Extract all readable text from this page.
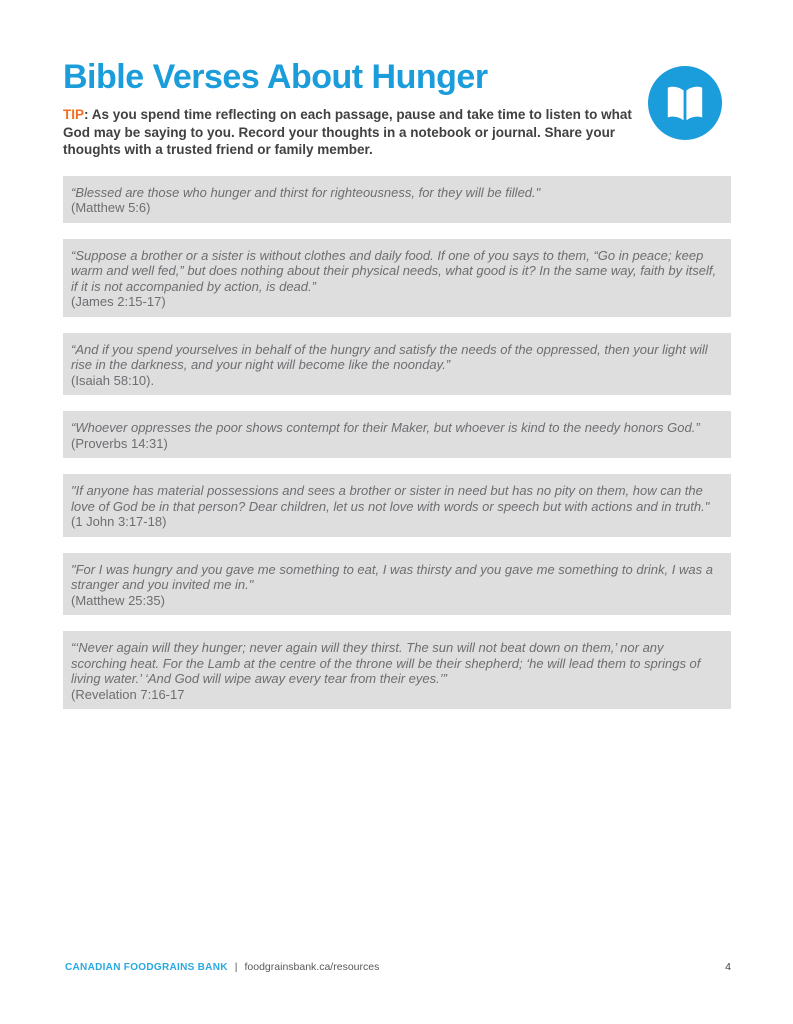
Bible Verses About Hunger

TIP: As you spend time reflecting on each passage, pause and take time to listen to what God may be saying to you. Record your thoughts in a notebook or journal. Share your thoughts with a trusted friend or family member.

“Blessed are those who hunger and thirst for righteousness, for they will be filled."
(Matthew 5:6)
“Suppose a brother or a sister is without clothes and daily food. If one of you says to them, “Go in peace; keep warm and well fed,” but does nothing about their physical needs, what good is it? In the same way, faith by itself, if it is not accompanied by action, is dead.”
(James 2:15-17)
“And if you spend yourselves in behalf of the hungry and satisfy the needs of the oppressed, then your light will rise in the darkness, and your night will become like the noonday.”
(Isaiah 58:10).
“Whoever oppresses the poor shows contempt for their Maker, but whoever is kind to the needy honors God.”
(Proverbs 14:31)
"If anyone has material possessions and sees a brother or sister in need but has no pity on them, how can the love of God be in that person? Dear children, let us not love with words or speech but with actions and in truth."
(1 John 3:17-18)
"For I was hungry and you gave me something to eat, I was thirsty and you gave me something to drink, I was a stranger and you invited me in."
(Matthew 25:35)
“‘Never again will they hunger; never again will they thirst. The sun will not beat down on them,’ nor any scorching heat. For the Lamb at the centre of the throne will be their shepherd; ‘he will lead them to springs of living water.’ ‘And God will wipe away every tear from their eyes.’”
(Revelation 7:16-17
CANADIAN FOODGRAINS BANK | foodgrainsbank.ca/resources	4
